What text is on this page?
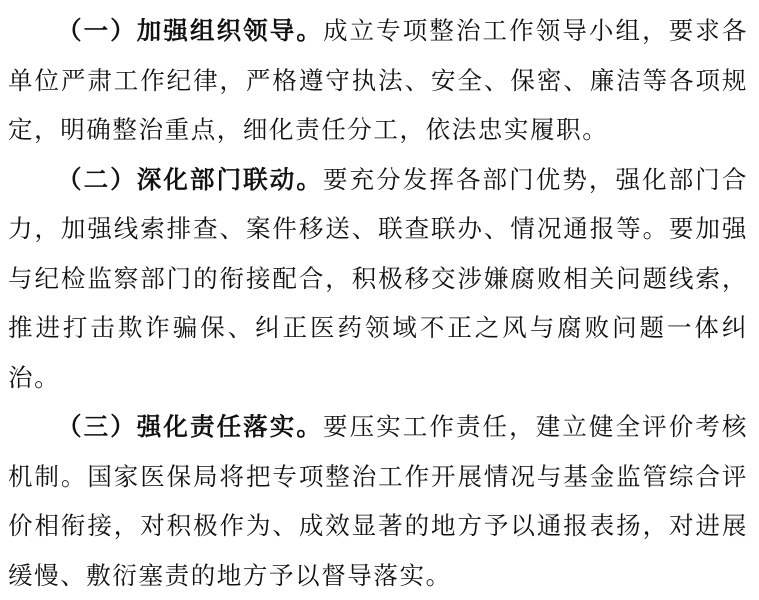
（一）加强组织领导。成立专项整治工作领导小组，要求各单位严肃工作纪律，严格遵守执法、安全、保密、廉洁等各项规定，明确整治重点，细化责任分工，依法忠实履职。

（二）深化部门联动。要充分发挥各部门优势，强化部门合力，加强线索排查、案件移送、联查联办、情况通报等。要加强与纪检监察部门的衔接配合，积极移交涉嫌腐败相关问题线索，推进打击欺诈骗保、纠正医药领域不正之风与腐败问题一体纠治。

（三）强化责任落实。要压实工作责任，建立健全评价考核机制。国家医保局将把专项整治工作开展情况与基金监管综合评价相衔接，对积极作为、成效显著的地方予以通报表扬，对进展缓慢、敷衍塞责的地方予以督导落实。
